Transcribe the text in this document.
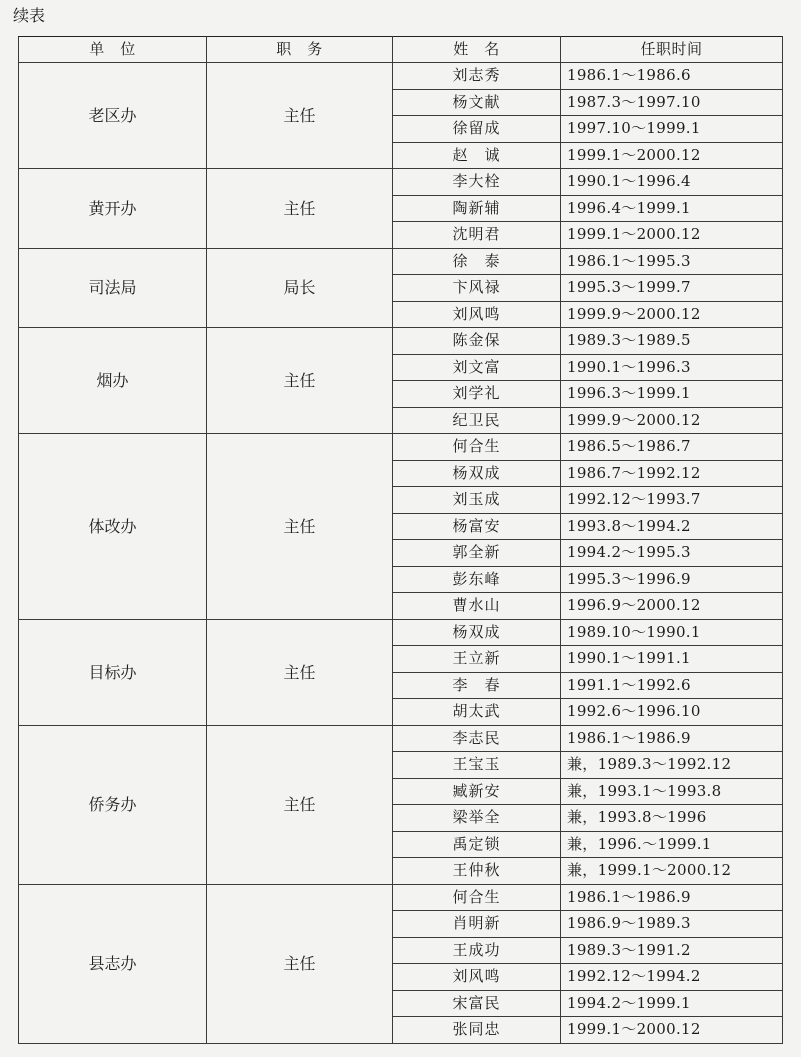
续表
单　位	职　务	姓　名	任职时间
老区办	主任	刘志秀	1986.1～1986.6
		杨文献	1987.3～1997.10
		徐留成	1997.10～1999.1
		赵　诚	1999.1～2000.12
黄开办	主任	李大栓	1990.1～1996.4
		陶新辅	1996.4～1999.1
		沈明君	1999.1～2000.12
司法局	局长	徐　泰	1986.1～1995.3
		卞风禄	1995.3～1999.7
		刘风鸣	1999.9～2000.12
烟办	主任	陈金保	1989.3～1989.5
		刘文富	1990.1～1996.3
		刘学礼	1996.3～1999.1
		纪卫民	1999.9～2000.12
体改办	主任	何合生	1986.5～1986.7
		杨双成	1986.7～1992.12
		刘玉成	1992.12～1993.7
		杨富安	1993.8～1994.2
		郭全新	1994.2～1995.3
		彭东峰	1995.3～1996.9
		曹水山	1996.9～2000.12
目标办	主任	杨双成	1989.10～1990.1
		王立新	1990.1～1991.1
		李　春	1991.1～1992.6
		胡太武	1992.6～1996.10
侨务办	主任	李志民	1986.1～1986.9
		王宝玉	兼，1989.3～1992.12
		臧新安	兼，1993.1～1993.8
		梁举全	兼，1993.8～1996
		禹定锁	兼，1996.～1999.1
		王仲秋	兼，1999.1～2000.12
县志办	主任	何合生	1986.1～1986.9
		肖明新	1986.9～1989.3
		王成功	1989.3～1991.2
		刘风鸣	1992.12～1994.2
		宋富民	1994.2～1999.1
		张同忠	1999.1～2000.12
